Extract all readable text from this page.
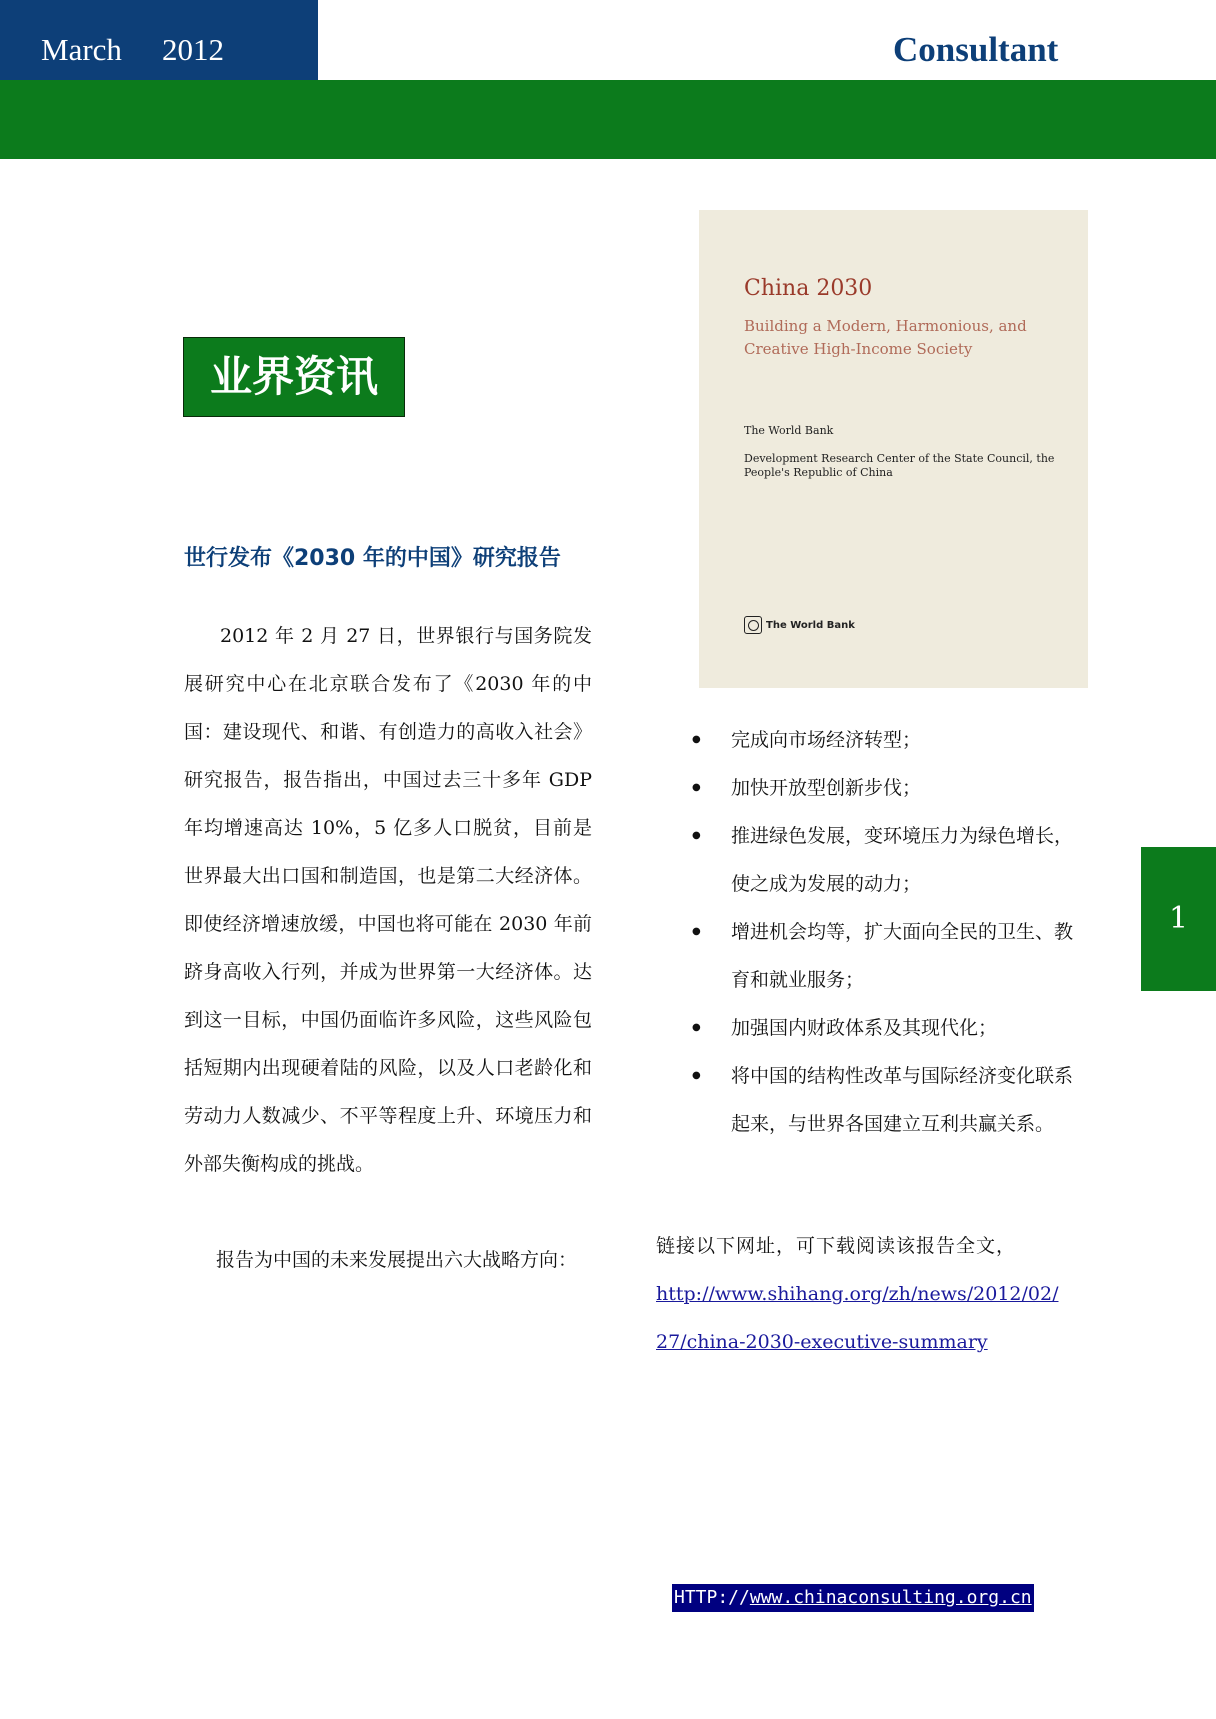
March 2012	Consultant
业界资讯
世行发布《2030 年的中国》研究报告
2012 年 2 月 27 日，世界银行与国务院发展研究中心在北京联合发布了《2030 年的中国：建设现代、和谐、有创造力的高收入社会》研究报告，报告指出，中国过去三十多年 GDP 年均增速高达 10%，5 亿多人口脱贫，目前是世界最大出口国和制造国，也是第二大经济体。即使经济增速放缓，中国也将可能在 2030 年前跻身高收入行列，并成为世界第一大经济体。达到这一目标，中国仍面临许多风险，这些风险包括短期内出现硬着陆的风险，以及人口老龄化和劳动力人数减少、不平等程度上升、环境压力和外部失衡构成的挑战。
报告为中国的未来发展提出六大战略方向：
China 2030
Building a Modern, Harmonious, and Creative High-Income Society
The World Bank
Development Research Center of the State Council, the People's Republic of China
The World Bank
● 完成向市场经济转型；
● 加快开放型创新步伐；
● 推进绿色发展，变环境压力为绿色增长，使之成为发展的动力；
● 增进机会均等，扩大面向全民的卫生、教育和就业服务；
● 加强国内财政体系及其现代化；
● 将中国的结构性改革与国际经济变化联系起来，与世界各国建立互利共赢关系。
链接以下网址，可下载阅读该报告全文，
http://www.shihang.org/zh/news/2012/02/27/china-2030-executive-summary
1
HTTP://www.chinaconsulting.org.cn
